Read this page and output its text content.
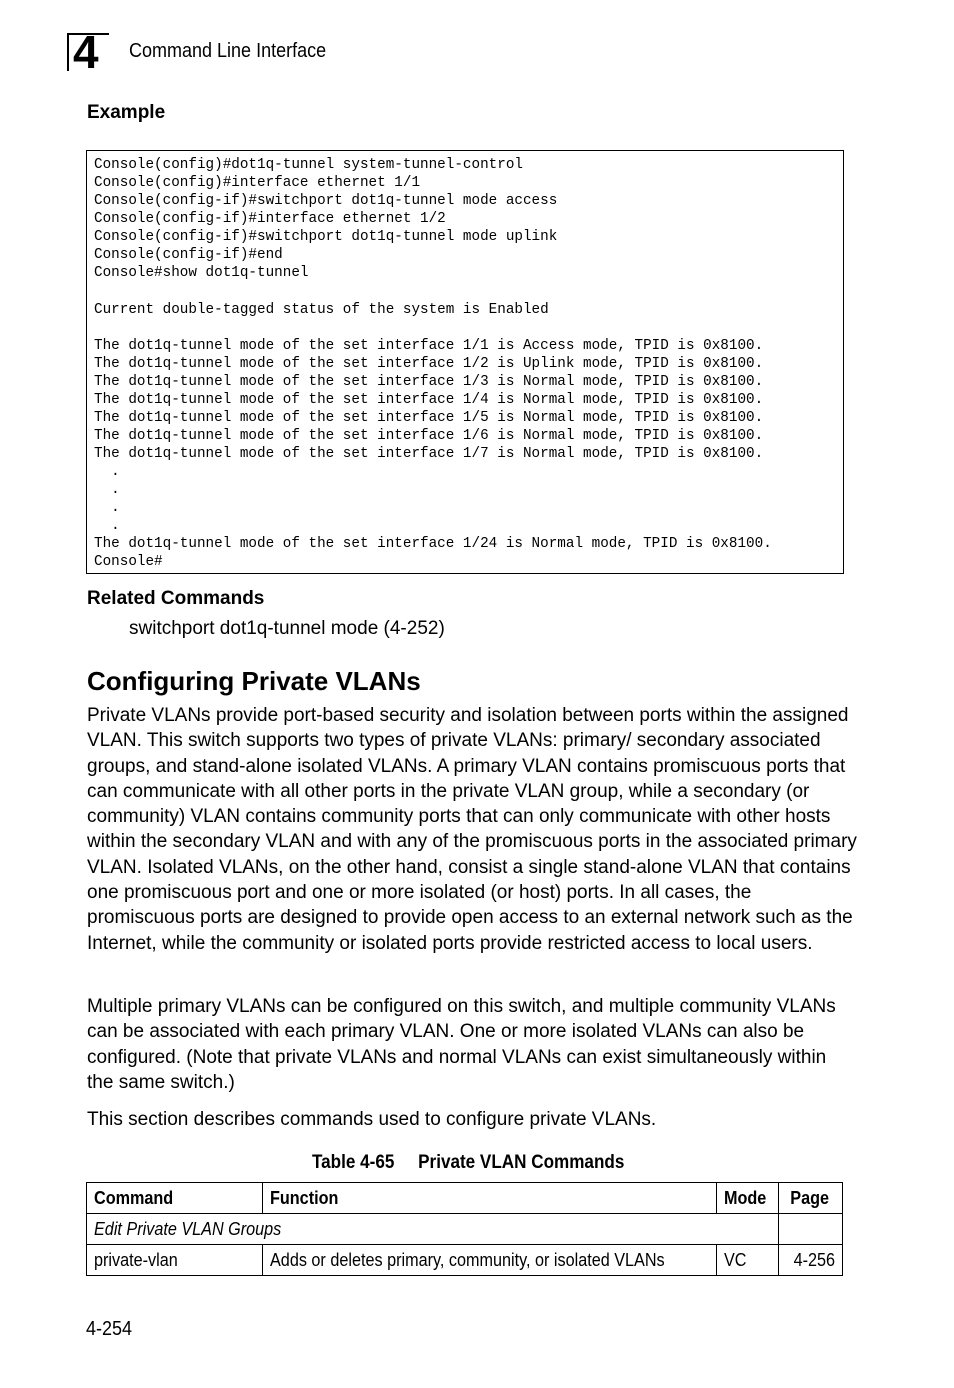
4 Command Line Interface
Example
Console(config)#dot1q-tunnel system-tunnel-control
Console(config)#interface ethernet 1/1
Console(config-if)#switchport dot1q-tunnel mode access
Console(config-if)#interface ethernet 1/2
Console(config-if)#switchport dot1q-tunnel mode uplink
Console(config-if)#end
Console#show dot1q-tunnel

Current double-tagged status of the system is Enabled

The dot1q-tunnel mode of the set interface 1/1 is Access mode, TPID is 0x8100.
The dot1q-tunnel mode of the set interface 1/2 is Uplink mode, TPID is 0x8100.
The dot1q-tunnel mode of the set interface 1/3 is Normal mode, TPID is 0x8100.
The dot1q-tunnel mode of the set interface 1/4 is Normal mode, TPID is 0x8100.
The dot1q-tunnel mode of the set interface 1/5 is Normal mode, TPID is 0x8100.
The dot1q-tunnel mode of the set interface 1/6 is Normal mode, TPID is 0x8100.
The dot1q-tunnel mode of the set interface 1/7 is Normal mode, TPID is 0x8100.
.
.
.
.
The dot1q-tunnel mode of the set interface 1/24 is Normal mode, TPID is 0x8100.
Console#
Related Commands
switchport dot1q-tunnel mode (4-252)
Configuring Private VLANs

Private VLANs provide port-based security and isolation between ports within the assigned VLAN. This switch supports two types of private VLANs: primary/ secondary associated groups, and stand-alone isolated VLANs. A primary VLAN contains promiscuous ports that can communicate with all other ports in the private VLAN group, while a secondary (or community) VLAN contains community ports that can only communicate with other hosts within the secondary VLAN and with any of the promiscuous ports in the associated primary VLAN. Isolated VLANs, on the other hand, consist a single stand-alone VLAN that contains one promiscuous port and one or more isolated (or host) ports. In all cases, the promiscuous ports are designed to provide open access to an external network such as the Internet, while the community or isolated ports provide restricted access to local users.

Multiple primary VLANs can be configured on this switch, and multiple community VLANs can be associated with each primary VLAN. One or more isolated VLANs can also be configured. (Note that private VLANs and normal VLANs can exist simultaneously within the same switch.)

This section describes commands used to configure private VLANs.

Table 4-65 Private VLAN Commands
Command	Function	Mode	Page
Edit Private VLAN Groups			
private-vlan	Adds or deletes primary, community, or isolated VLANs	VC	4-256
4-254
